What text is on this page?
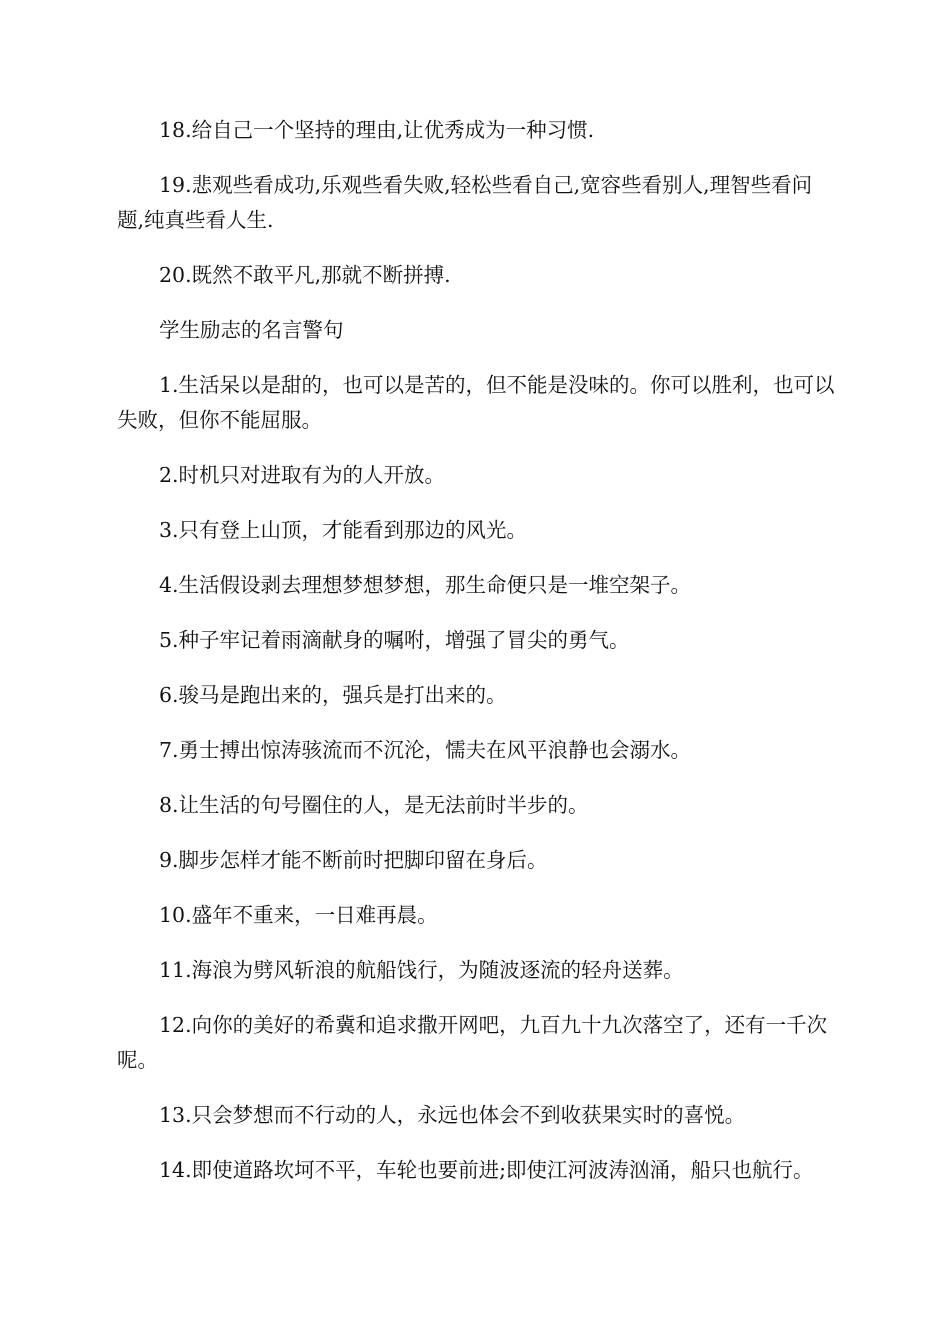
18.给自己一个坚持的理由,让优秀成为一种习惯.

19.悲观些看成功,乐观些看失败,轻松些看自己,宽容些看别人,理智些看问题,纯真些看人生.

20.既然不敢平凡,那就不断拼搏.

学生励志的名言警句

1.生活呆以是甜的，也可以是苦的，但不能是没味的。你可以胜利，也可以失败，但你不能屈服。

2.时机只对进取有为的人开放。

3.只有登上山顶，才能看到那边的风光。

4.生活假设剥去理想梦想梦想，那生命便只是一堆空架子。

5.种子牢记着雨滴献身的嘱咐，增强了冒尖的勇气。

6.骏马是跑出来的，强兵是打出来的。

7.勇士搏出惊涛骇流而不沉沦，懦夫在风平浪静也会溺水。

8.让生活的句号圈住的人，是无法前时半步的。

9.脚步怎样才能不断前时把脚印留在身后。

10.盛年不重来，一日难再晨。

11.海浪为劈风斩浪的航船饯行，为随波逐流的轻舟送葬。

12.向你的美好的希冀和追求撒开网吧，九百九十九次落空了，还有一千次呢。

13.只会梦想而不行动的人，永远也体会不到收获果实时的喜悦。

14.即使道路坎坷不平，车轮也要前进;即使江河波涛汹涌，船只也航行。
